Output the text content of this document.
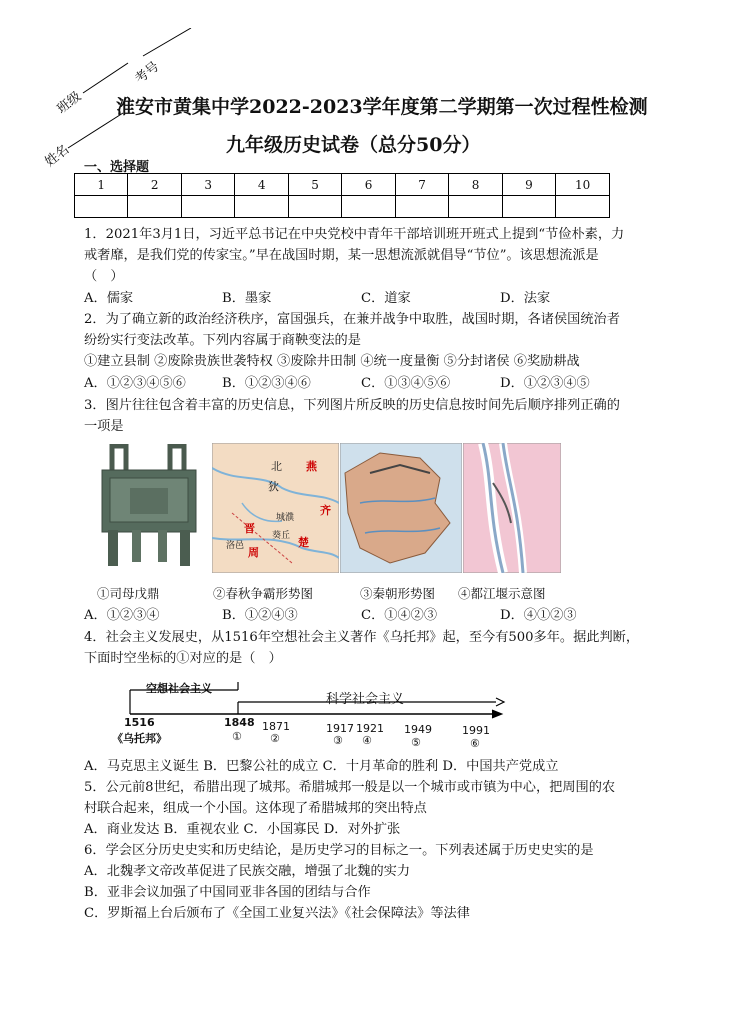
班级
考号
姓名
淮安市黄集中学2022-2023学年度第二学期第一次过程性检测
九年级历史试卷（总分50分）
一、选择题
1	2	3	4	5	6	7	8	9	10

1．2021年3月1日，习近平总书记在中央党校中青年干部培训班开班式上提到“节俭朴素，力
戒奢靡，是我们党的传家宝。”早在战国时期，某一思想流派就倡导“节位”。该思想流派是
（　）
A．儒家	B．墨家	C．道家	D．法家
2．为了确立新的政治经济秩序，富国强兵，在兼并战争中取胜，战国时期，各诸侯国统治者
纷纷实行变法改革。下列内容属于商鞅变法的是
①建立县制 ②废除贵族世袭特权 ③废除井田制 ④统一度量衡 ⑤分封诸侯 ⑥奖励耕战
A．①②③④⑤⑥	B．①②③④⑥	C．①③④⑤⑥	D．①②③④⑤
3．图片往往包含着丰富的历史信息，下列图片所反映的历史信息按时间先后顺序排列正确的
一项是
北
狄
燕
齐
晋
周
楚
洛邑
葵丘
城濮
①司母戊鼎	②春秋争霸形势图	③秦朝形势图 ④都江堰示意图
A．①②③④	B．①②④③	C．①④②③	D．④①②③
4．社会主义发展史，从1516年空想社会主义著作《乌托邦》起，至今有500多年。据此判断，
下面时空坐标的①对应的是（　）
空想社会主义
科学社会主义
1516
《乌托邦》
1848
①
1871
②
1917
③
1921
④
1949
⑤
1991
⑥
A．马克思主义诞生 B．巴黎公社的成立 C．十月革命的胜利 D．中国共产党成立
5．公元前8世纪，希腊出现了城邦。希腊城邦一般是以一个城市或市镇为中心，把周围的农
村联合起来，组成一个小国。这体现了希腊城邦的突出特点
A．商业发达 B．重视农业 C．小国寡民 D．对外扩张
6．学会区分历史史实和历史结论，是历史学习的目标之一。下列表述属于历史史实的是
A．北魏孝文帝改革促进了民族交融，增强了北魏的实力
B．亚非会议加强了中国同亚非各国的团结与合作
C．罗斯福上台后颁布了《全国工业复兴法》《社会保障法》等法律
